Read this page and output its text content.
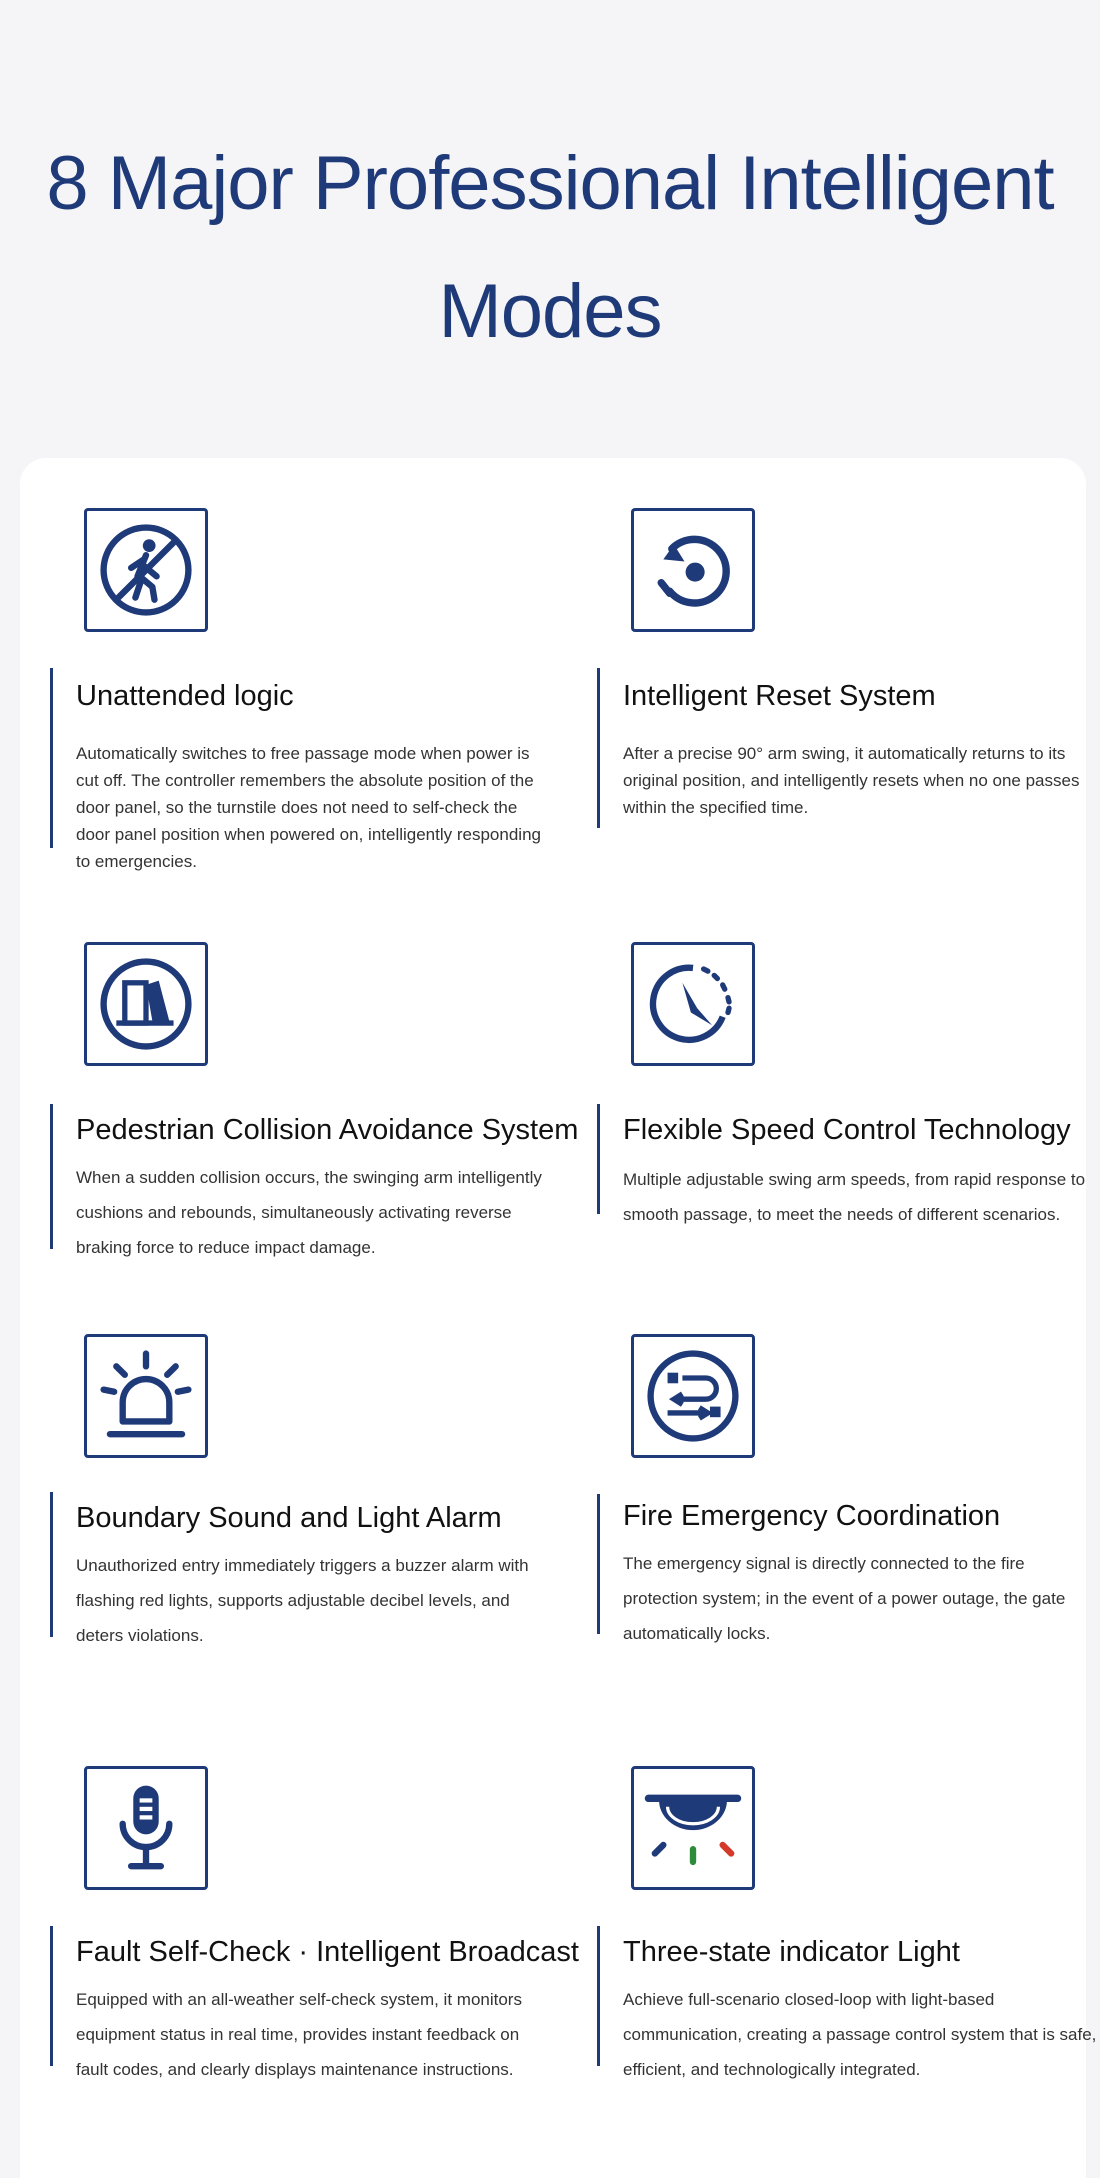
8 Major Professional Intelligent
Modes
Unattended logic

Automatically switches to free passage mode when power is cut off. The controller remembers the absolute position of the door panel, so the turnstile does not need to self-check the door panel position when powered on, intelligently responding to emergencies.

Intelligent Reset System

After a precise 90° arm swing, it automatically returns to its original position, and intelligently resets when no one passes within the specified time.

Pedestrian Collision Avoidance System

When a sudden collision occurs, the swinging arm intelligently cushions and rebounds, simultaneously activating reverse braking force to reduce impact damage.

Flexible Speed Control Technology

Multiple adjustable swing arm speeds, from rapid response to smooth passage, to meet the needs of different scenarios.

Boundary Sound and Light Alarm

Unauthorized entry immediately triggers a buzzer alarm with flashing red lights, supports adjustable decibel levels, and deters violations.

Fire Emergency Coordination

The emergency signal is directly connected to the fire protection system; in the event of a power outage, the gate automatically locks.

Fault Self-Check · Intelligent Broadcast

Equipped with an all-weather self-check system, it monitors equipment status in real time, provides instant feedback on fault codes, and clearly displays maintenance instructions.

Three-state indicator Light

Achieve full-scenario closed-loop with light-based communication, creating a passage control system that is safe, efficient, and technologically integrated.
